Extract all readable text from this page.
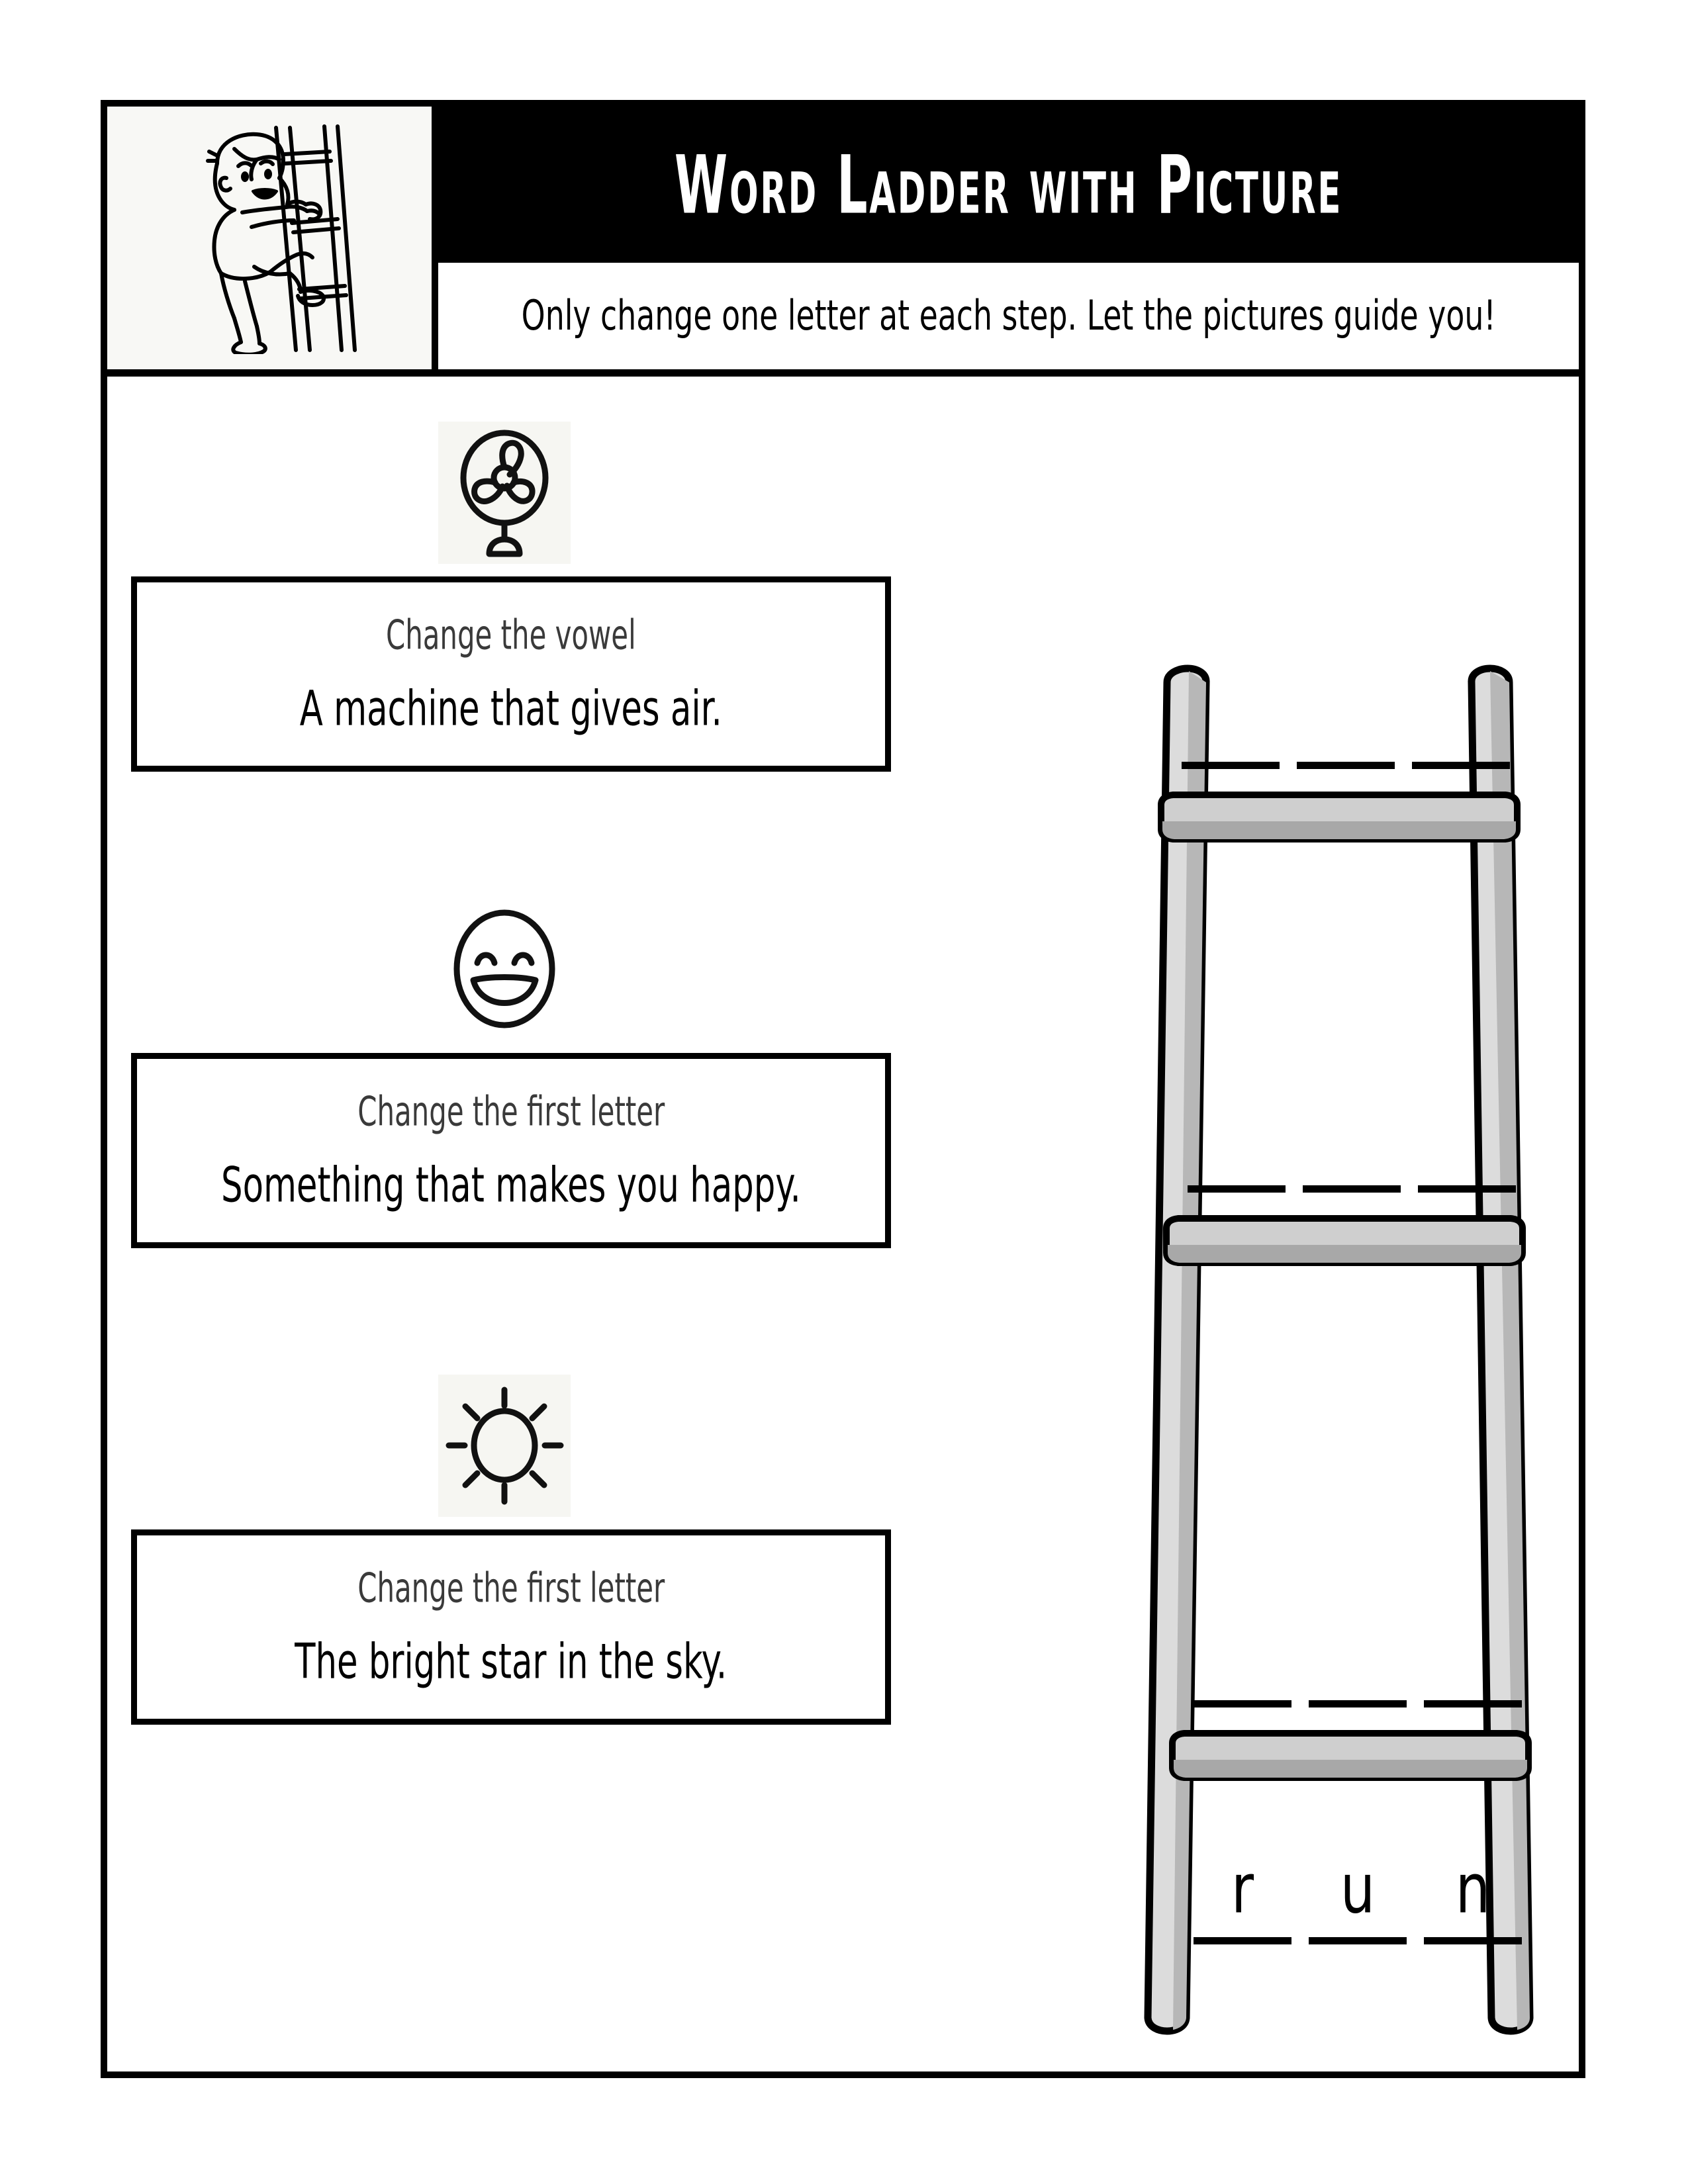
Word Ladder with Picture

Only change one letter at each step. Let the pictures guide you!

Change the vowel
A machine that gives air.
Change the first letter
Something that makes you happy.
Change the first letter
The bright star in the sky.
r u n
